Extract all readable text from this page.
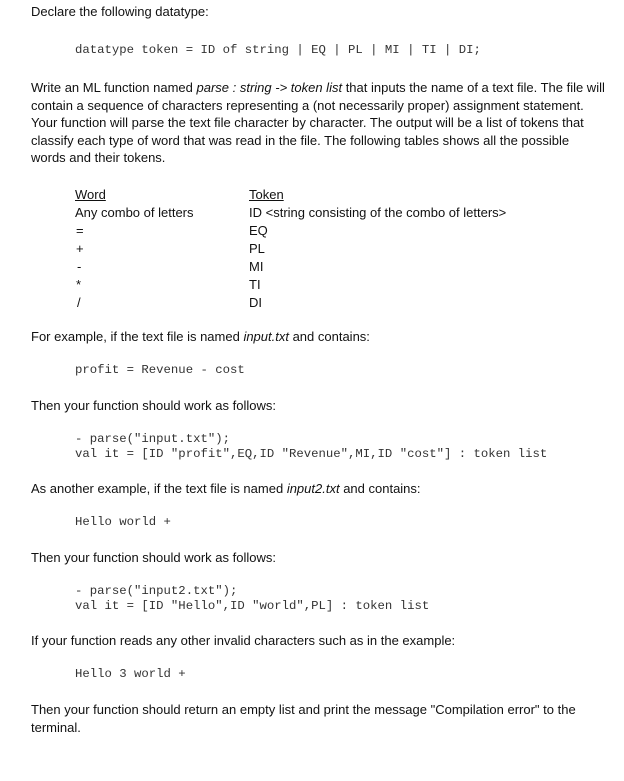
Declare the following datatype:
datatype token = ID of string | EQ | PL | MI | TI | DI;
Write an ML function named parse : string -> token list that inputs the name of a text file. The file will contain a sequence of characters representing a (not necessarily proper) assignment statement. Your function will parse the text file character by character. The output will be a list of tokens that classify each type of word that was read in the file. The following tables shows all the possible words and their tokens.
Word	Token
Any combo of letters	ID <string consisting of the combo of letters>
=	EQ
+	PL
-	MI
*	TI
/	DI
For example, if the text file is named input.txt and contains:
profit = Revenue - cost
Then your function should work as follows:
- parse("input.txt");
val it = [ID "profit",EQ,ID "Revenue",MI,ID "cost"] : token list
As another example, if the text file is named input2.txt and contains:
Hello world +
Then your function should work as follows:
- parse("input2.txt");
val it = [ID "Hello",ID "world",PL] : token list
If your function reads any other invalid characters such as in the example:
Hello 3 world +
Then your function should return an empty list and print the message "Compilation error" to the terminal.
